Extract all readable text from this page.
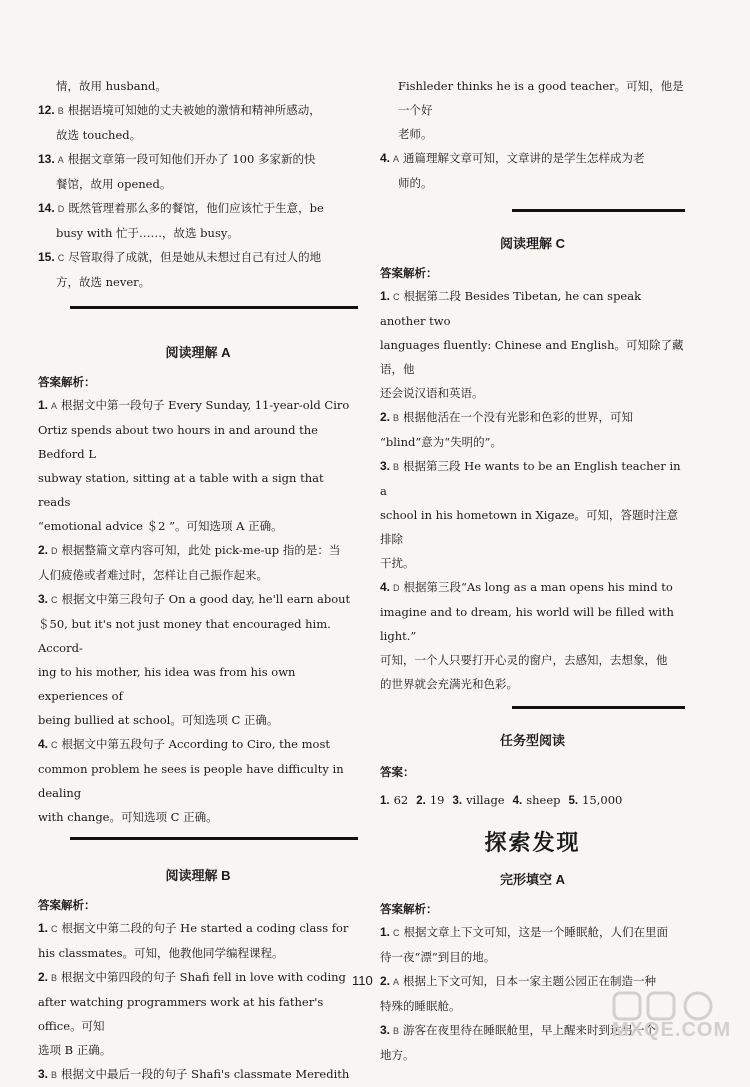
情，故用 husband。

12. B 根据语境可知她的丈夫被她的激情和精神所感动，

故选 touched。

13. A 根据文章第一段可知他们开办了 100 多家新的快

餐馆，故用 opened。

14. D 既然管理着那么多的餐馆，他们应该忙于生意，be

busy with 忙于……，故选 busy。

15. C 尽管取得了成就，但是她从未想过自己有过人的地

方，故选 never。

阅读理解 A
答案解析：

1. A 根据文中第一段句子 Every Sunday, 11-year-old Ciro

Ortiz spends about two hours in and around the Bedford L

subway station, sitting at a table with a sign that reads

“emotional advice ＄2 ”。可知选项 A 正确。

2. D 根据整篇文章内容可知，此处 pick-me-up 指的是：当

人们疲倦或者难过时，怎样让自己振作起来。

3. C 根据文中第三段句子 On a good day, he'll earn about

＄50, but it's not just money that encouraged him. Accord-

ing to his mother, his idea was from his own experiences of

being bullied at school。可知选项 C 正确。

4. C 根据文中第五段句子 According to Ciro, the most

common problem he sees is people have difficulty in dealing

with change。可知选项 C 正确。

阅读理解 B
答案解析：

1. C 根据文中第二段的句子 He started a coding class for

his classmates。可知，他教他同学编程课程。

2. B 根据文中第四段的句子 Shafi fell in love with coding

after watching programmers work at his father's office。可知

选项 B 正确。

3. B 根据文中最后一段的句子 Shafi's classmate Meredith

Fishleder thinks he is a good teacher。可知，他是一个好

老师。

4. A 通篇理解文章可知，文章讲的是学生怎样成为老

师的。

阅读理解 C
答案解析：

1. C 根据第二段 Besides Tibetan, he can speak another two

languages fluently: Chinese and English。可知除了藏语，他

还会说汉语和英语。

2. B 根据他活在一个没有光影和色彩的世界，可知

“blind”意为“失明的”。

3. B 根据第三段 He wants to be an English teacher in a

school in his hometown in Xigaze。可知，答题时注意排除

干扰。

4. D 根据第三段“As long as a man opens his mind to

imagine and to dream, his world will be filled with light.”

可知，一个人只要打开心灵的窗户，去感知，去想象，他

的世界就会充满光和色彩。

任务型阅读
答案：
1. 62 2. 19 3. village 4. sheep 5. 15,000
探索发现
完形填空 A
答案解析：

1. C 根据文章上下文可知，这是一个睡眠舱，人们在里面

待一夜“漂”到目的地。

2. A 根据上下文可知，日本一家主题公园正在制造一种

特殊的睡眠舱。

3. B 游客在夜里待在睡眠舱里，早上醒来时到达另一个

地方。

110
MXQE.COM
